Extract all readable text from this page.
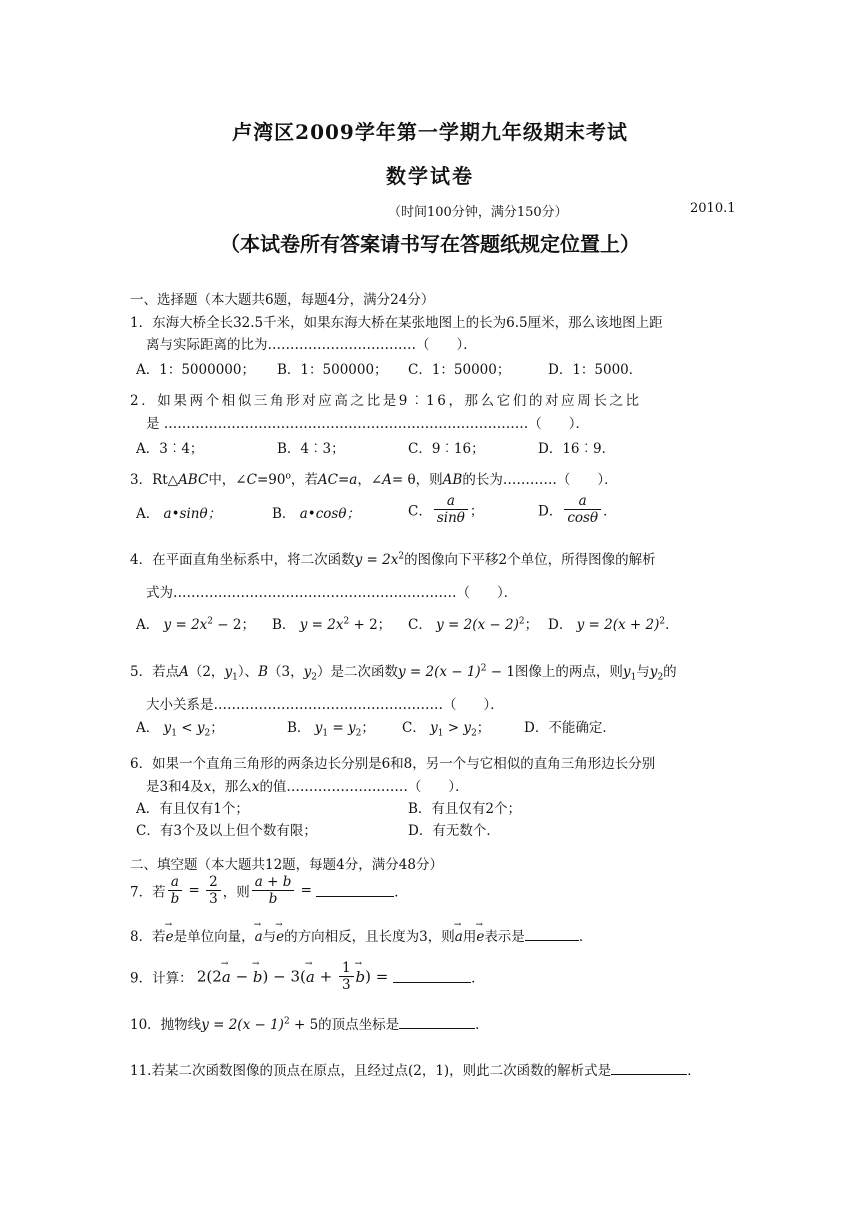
卢湾区2009学年第一学期九年级期末考试
数学试卷
（时间100分钟，满分150分）	2010.1
（本试卷所有答案请书写在答题纸规定位置上）
一、选择题（本大题共6题，每题4分，满分24分）
1．东海大桥全长32.5千米，如果东海大桥在某张地图上的长为6.5厘米，那么该地图上距
离与实际距离的比为……………………………（　　）．
A．1：5000000； B．1：500000； C．1：50000；	D．1：5000．
2．如果两个相似三角形对应高之比是9︰16，那么它们的对应周长之比
是 ………………………………………………………………………（　　）．
A．3︰4；	B．4︰3；	C．9︰16；	D．16︰9．
3．Rt△ABC中，$\angle C=90^o$，若AC=a，∠A= θ，则AB的长为…………（　　）．
A． a•sinθ；	B． a•cosθ；	C． $\frac{a}{\sin\theta}$ ；	D． $\frac{a}{\cos\theta}$ ．
4．在平面直角坐标系中，将二次函数$y = 2x^2$的图像向下平移2个单位，所得图像的解析
式为………………………………………………………（　　）．
A． $y = 2x^2 - 2$； B． $y = 2x^2 + 2$； C． $y = 2(x - 2)^2$； D． $y = 2(x + 2)^2$．
5．若点A（2，$y_1$）、B（3，$y_2$）是二次函数$y = 2(x - 1)^2 - 1$图像上的两点，则$y_1$与$y_2$的
大小关系是……………………………………………（　　）．
A． $y_1 < y_2$；	B． $y_1 = y_2$； C． $y_1 > y_2$； D．不能确定．
6．如果一个直角三角形的两条边长分别是6和8，另一个与它相似的直角三角形边长分别
是3和4及x，那么x的值………………………（　　）．
A．有且仅有1个；	B．有且仅有2个；
C．有3个及以上但个数有限；	D．有无数个．
二、填空题（本大题共12题，每题4分，满分48分）
7．若 $\frac{a}{b} = \frac{2}{3}$ ，则 $\frac{a + b}{b}$ =	．
8．若→ e是单位向量，→ a与→ e的方向相反，且长度为3，则→ a用→ e表示是	．
9．计算： 2(2→ a − → $b) - 3(\to a + \frac{1}{3}$
→ b) =	．
10．抛物线$y = 2(x - 1)^2 + 5$的顶点坐标是	．
11.若某二次函数图像的顶点在原点，且经过点(2，1)，则此二次函数的解析式是	．
